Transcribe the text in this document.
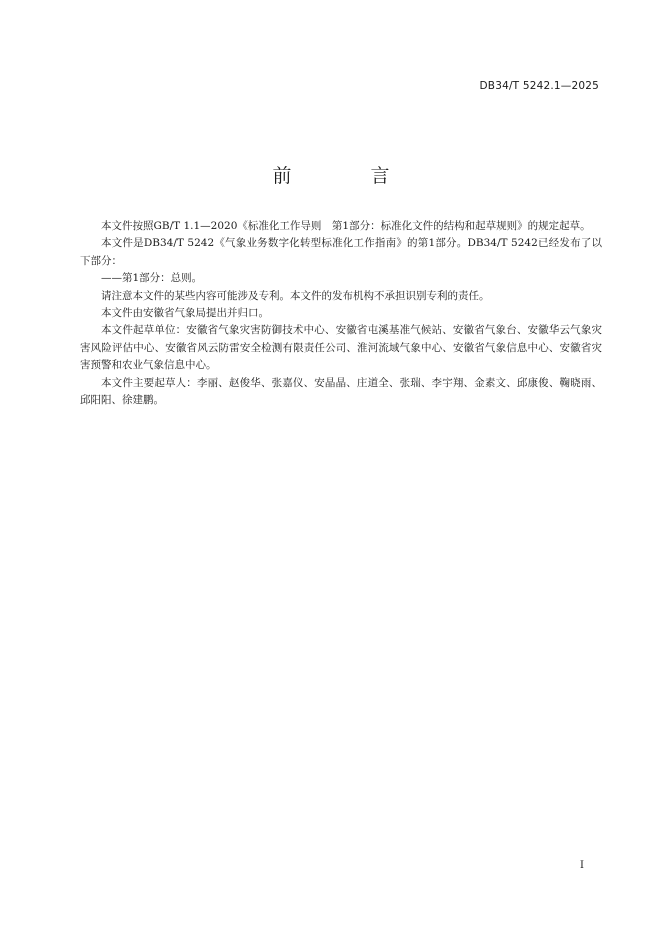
DB34/T 5242.1—2025
前　言

本文件按照GB/T 1.1—2020《标准化工作导则　第1部分：标准化文件的结构和起草规则》的规定起草。

本文件是DB34/T 5242《气象业务数字化转型标准化工作指南》的第1部分。DB34/T 5242已经发布了以下部分：

——第1部分：总则。

请注意本文件的某些内容可能涉及专利。本文件的发布机构不承担识别专利的责任。

本文件由安徽省气象局提出并归口。

本文件起草单位：安徽省气象灾害防御技术中心、安徽省屯溪基准气候站、安徽省气象台、安徽华云气象灾害风险评估中心、安徽省风云防雷安全检测有限责任公司、淮河流域气象中心、安徽省气象信息中心、安徽省灾害预警和农业气象信息中心。

本文件主要起草人：李丽、赵俊华、张嘉仪、安晶晶、庄道全、张瑞、李宇翔、金素文、邱康俊、鞠晓雨、邱阳阳、徐建鹏。

I
